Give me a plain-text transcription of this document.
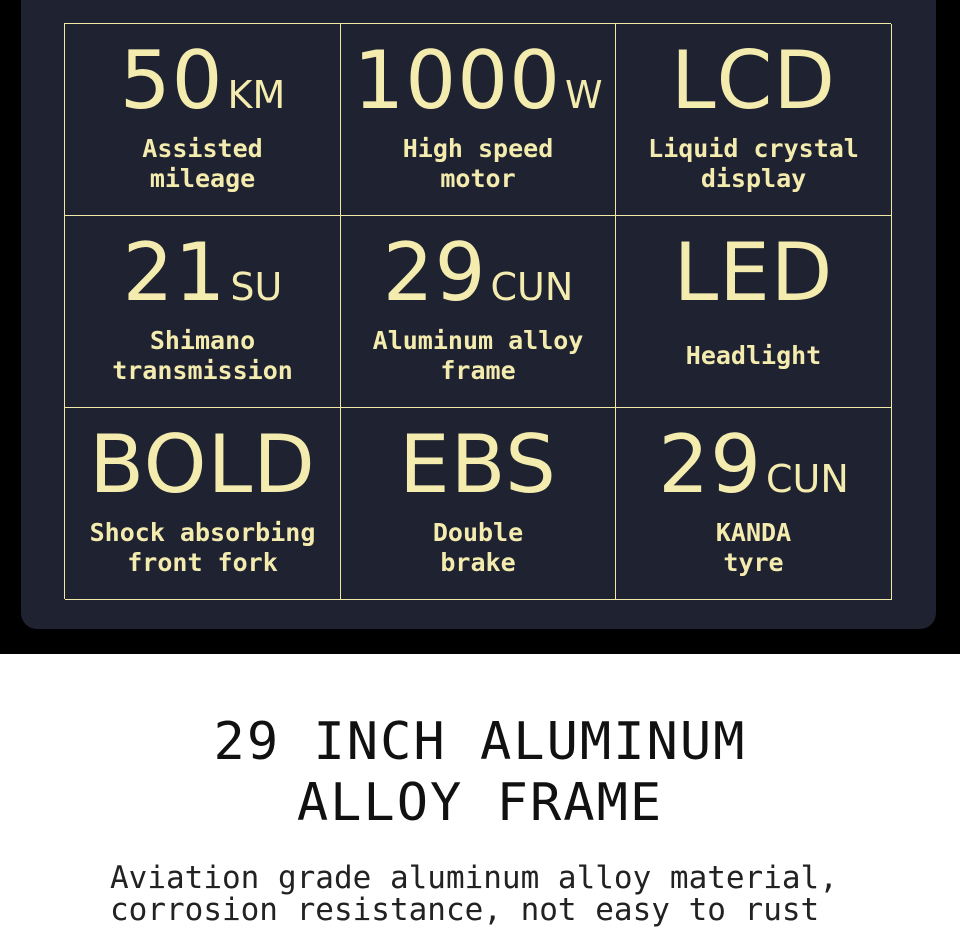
50 KM
Assisted
mileage
1000 W
High speed
motor
LCD
Liquid crystal
display
21 SU
Shimano
transmission
29 CUN
Aluminum alloy
frame
LED
Headlight
BOLD
Shock absorbing
front fork
EBS
Double
brake
29 CUN
KANDA
tyre
29 INCH ALUMINUM
ALLOY FRAME
Aviation grade aluminum alloy material,
corrosion resistance, not easy to rust
